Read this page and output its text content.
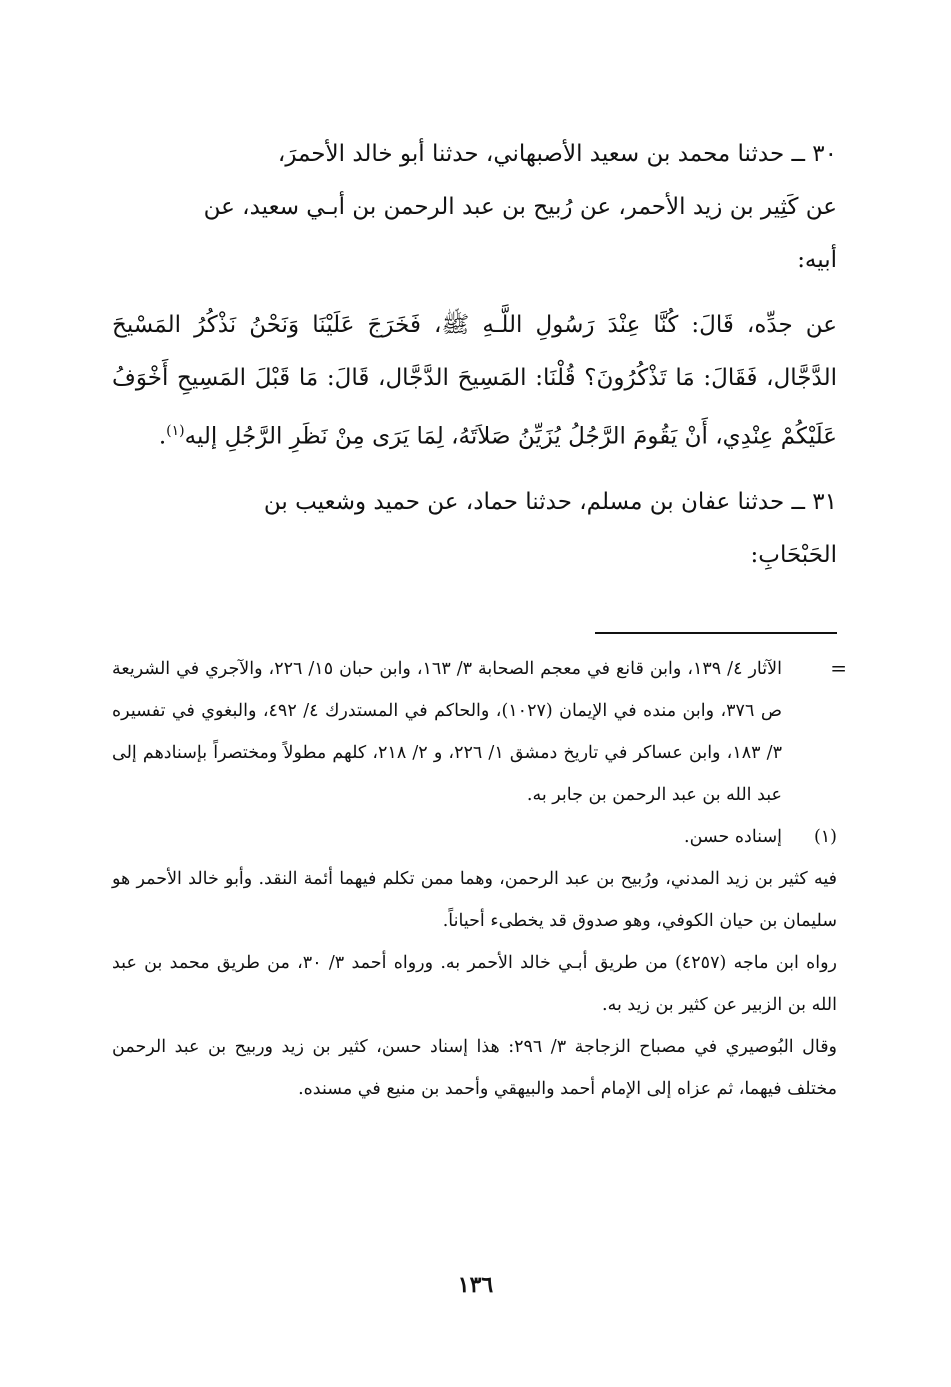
٣٠ ــ حدثنا محمد بن سعيد الأصبهاني، حدثنا أبو خالد الأحمرَ،
عن كَثِير بن زيد الأحمر، عن رُبيح بن عبد الرحمن بن أبـي سعيد، عن
أبيه:

عن جدِّه، قَالَ: كُنَّا عِنْدَ رَسُولِ اللَّـهِ ﷺ، فَخَرَجَ عَلَيْنَا وَنَحْنُ نَذْكُرُ المَسْيحَ الدَّجَّال، فَقَالَ: مَا تَذْكُرُونَ؟ قُلْنَا: المَسِيحَ الدَّجَّال، قَالَ: مَا قَبْلَ المَسِيحِ أَخْوَفُ عَلَيْكُمْ عِنْدِي، أَنْ يَقُومَ الرَّجُلُ يُزَيِّنُ صَلاَتَهُ، لِمَا يَرَى مِنْ نَظَرِ الرَّجُلِ إليه$^{(١)}$.

٣١ ــ حدثنا عفان بن مسلم، حدثنا حماد، عن حميد وشعيب بن
الحَبْحَابِ:

=

الآثار ٤/ ١٣٩، وابن قانع في معجم الصحابة ٣/ ١٦٣، وابن حبان ١٥/ ٢٢٦، والآجري في الشريعة ص ٣٧٦، وابن منده في الإيمان (١٠٢٧)، والحاكم في المستدرك ٤/ ٤٩٢، والبغوي في تفسيره ٣/ ١٨٣، وابن عساكر في تاريخ دمشق ١/ ٢٢٦، و ٢/ ٢١٨، كلهم مطولاً ومختصراً بإسنادهم إلى عبد الله بن عبد الرحمن بن جابر به.

(١)

إسناده حسن.

فيه كثير بن زيد المدني، ورُبيح بن عبد الرحمن، وهما ممن تكلم فيهما أئمة النقد. وأبو خالد الأحمر هو سليمان بن حيان الكوفي، وهو صدوق قد يخطىء أحياناً.

رواه ابن ماجه (٤٢٥٧) من طريق أبـي خالد الأحمر به. ورواه أحمد ٣/ ٣٠، من طريق محمد بن عبد الله بن الزبير عن كثير بن زيد به.

وقال البُوصيري في مصباح الزجاجة ٣/ ٢٩٦: هذا إسناد حسن، كثير بن زيد وربيح بن عبد الرحمن مختلف فيهما، ثم عزاه إلى الإمام أحمد والبيهقي وأحمد بن منيع في مسنده.

١٣٦
